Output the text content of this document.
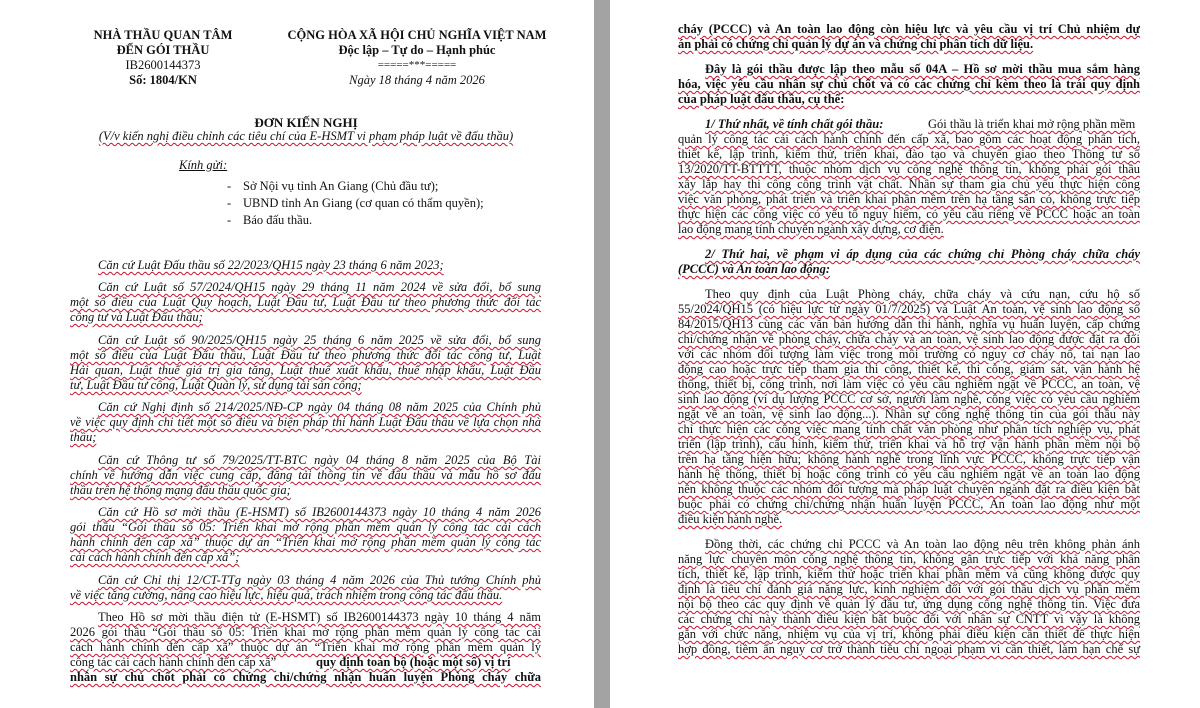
NHÀ THẦU QUAN TÂM
ĐẾN GÓI THẦU
IB2600144373
Số: 1804/KN
CỘNG HÒA XÃ HỘI CHỦ NGHĨA VIỆT NAM
Độc lập – Tự do – Hạnh phúc
=====***=====
Ngày 18 tháng 4 năm 2026
ĐƠN KIẾN NGHỊ
(V/v kiến nghị điều chỉnh các tiêu chí của E-HSMT vi phạm pháp luật về đấu thầu)
Kính gửi:
- Sở Nội vụ tỉnh An Giang (Chủ đầu tư);
- UBND tỉnh An Giang (cơ quan có thẩm quyền);
- Báo đấu thầu.
Căn cứ Luật Đấu thầu số 22/2023/QH15 ngày 23 tháng 6 năm 2023;
Căn cứ Luật số 57/2024/QH15 ngày 29 tháng 11 năm 2024 về sửa đổi, bổ sung
một số điều của Luật Quy hoạch, Luật Đầu tư, Luật Đầu tư theo phương thức đối tác
công tư và Luật Đấu thầu;
Căn cứ Luật số 90/2025/QH15 ngày 25 tháng 6 năm 2025 về sửa đổi, bổ sung
một số điều của Luật Đấu thầu, Luật Đầu tư theo phương thức đối tác công tư, Luật
Hải quan, Luật thuế giá trị gia tăng, Luật thuế xuất khẩu, thuế nhập khẩu, Luật Đầu
tư, Luật Đầu tư công, Luật Quản lý, sử dụng tài sản công;
Căn cứ Nghị định số 214/2025/NĐ-CP ngày 04 tháng 08 năm 2025 của Chính phủ
về việc quy định chi tiết một số điều và biện pháp thi hành Luật Đấu thầu về lựa chọn nhà
thầu;
Căn cứ Thông tư số 79/2025/TT-BTC ngày 04 tháng 8 năm 2025 của Bộ Tài
chính về hướng dẫn việc cung cấp, đăng tải thông tin về đấu thầu và mẫu hồ sơ đấu
thầu trên hệ thống mạng đấu thầu quốc gia;
Căn cứ Hồ sơ mời thầu (E-HSMT) số IB2600144373 ngày 10 tháng 4 năm 2026
gói thầu “Gói thầu số 05: Triển khai mở rộng phần mềm quản lý công tác cải cách
hành chính đến cấp xã” thuộc dự án “Triển khai mở rộng phần mềm quản lý công tác
cải cách hành chính đến cấp xã”;
Căn cứ Chỉ thị 12/CT-TTg ngày 03 tháng 4 năm 2026 của Thủ tướng Chính phủ
về việc tăng cường, nâng cao hiệu lực, hiệu quả, trách nhiệm trong công tác đấu thầu.
Theo Hồ sơ mời thầu điện tử (E-HSMT) số IB2600144373 ngày 10 tháng 4 năm
2026 gói thầu “Gói thầu số 05: Triển khai mở rộng phần mềm quản lý công tác cải
cách hành chính đến cấp xã” thuộc dự án “Triển khai mở rộng phần mềm quản lý
công tác cải cách hành chính đến cấp xã”	quy định toàn bộ (hoặc một số) vị trí
nhân sự chủ chốt phải có chứng chỉ/chứng nhận huấn luyện Phòng cháy chữa
cháy (PCCC) và An toàn lao động còn hiệu lực và yêu cầu vị trí Chủ nhiệm dự
án phải có chứng chỉ quản lý dự án và chứng chỉ phân tích dữ liệu.
Đây là gói thầu được lập theo mẫu số 04A – Hồ sơ mời thầu mua sắm hàng
hóa, việc yêu cầu nhân sự chủ chốt và có các chứng chỉ kèm theo là trái quy định
của pháp luật đấu thầu, cụ thể:
1/ Thứ nhất, về tính chất gói thầu:	Gói thầu là triển khai mở rộng phần mềm
quản lý công tác cải cách hành chính đến cấp xã, bao gồm các hoạt động phân tích,
thiết kế, lập trình, kiểm thử, triển khai, đào tạo và chuyển giao theo Thông tư số
13/2020/TT-BTTTT, thuộc nhóm dịch vụ công nghệ thông tin, không phải gói thầu
xây lắp hay thi công công trình vật chất. Nhân sự tham gia chủ yếu thực hiện công
việc văn phòng, phát triển và triển khai phần mềm trên hạ tầng sẵn có, không trực tiếp
thực hiện các công việc có yếu tố nguy hiểm, có yêu cầu riêng về PCCC hoặc an toàn
lao động mang tính chuyên ngành xây dựng, cơ điện.
2/ Thứ hai, về phạm vi áp dụng của các chứng chỉ Phòng cháy chữa cháy
(PCCC) và An toàn lao động:
Theo quy định của Luật Phòng cháy, chữa cháy và cứu nạn, cứu hộ số
55/2024/QH15 (có hiệu lực từ ngày 01/7/2025) và Luật An toàn, vệ sinh lao động số
84/2015/QH13 cùng các văn bản hướng dẫn thi hành, nghĩa vụ huấn luyện, cấp chứng
chỉ/chứng nhận về phòng cháy, chữa cháy và an toàn, vệ sinh lao động được đặt ra đối
với các nhóm đối tượng làm việc trong môi trường có nguy cơ cháy nổ, tai nạn lao
động cao hoặc trực tiếp tham gia thi công, thiết kế, thi công, giám sát, vận hành hệ
thống, thiết bị, công trình, nơi làm việc có yêu cầu nghiêm ngặt về PCCC, an toàn, vệ
sinh lao động (ví dụ lượng PCCC cơ sở, người làm nghề, công việc có yêu cầu nghiêm
ngặt về an toàn, vệ sinh lao động...). Nhân sự công nghệ thông tin của gói thầu này
chỉ thực hiện các công việc mang tính chất văn phòng như phân tích nghiệp vụ, phát
triển (lập trình), cấu hình, kiểm thử, triển khai và hỗ trợ vận hành phần mềm nội bộ
trên hạ tầng hiện hữu; không hành nghề trong lĩnh vực PCCC, không trực tiếp vận
hành hệ thống, thiết bị hoặc công trình có yêu cầu nghiêm ngặt về an toàn lao động
nên không thuộc các nhóm đối tượng mà pháp luật chuyên ngành đặt ra điều kiện bắt
buộc phải có chứng chỉ/chứng nhận huấn luyện PCCC, An toàn lao động như một
điều kiện hành nghề.
Đồng thời, các chứng chỉ PCCC và An toàn lao động nêu trên không phản ánh
năng lực chuyên môn công nghệ thông tin, không gắn trực tiếp với khả năng phân
tích, thiết kế, lập trình, kiểm thử hoặc triển khai phần mềm và cũng không được quy
định là tiêu chí đánh giá năng lực, kinh nghiệm đối với gói thầu dịch vụ phần mềm
nội bộ theo các quy định về quản lý đầu tư, ứng dụng công nghệ thông tin. Việc đưa
các chứng chỉ này thành điều kiện bắt buộc đối với nhân sự CNTT vì vậy là không
gắn với chức năng, nhiệm vụ của vị trí, không phải điều kiện cần thiết để thực hiện
hợp đồng, tiềm ẩn nguy cơ trở thành tiêu chí ngoại phạm vi cần thiết, làm hạn chế sự
